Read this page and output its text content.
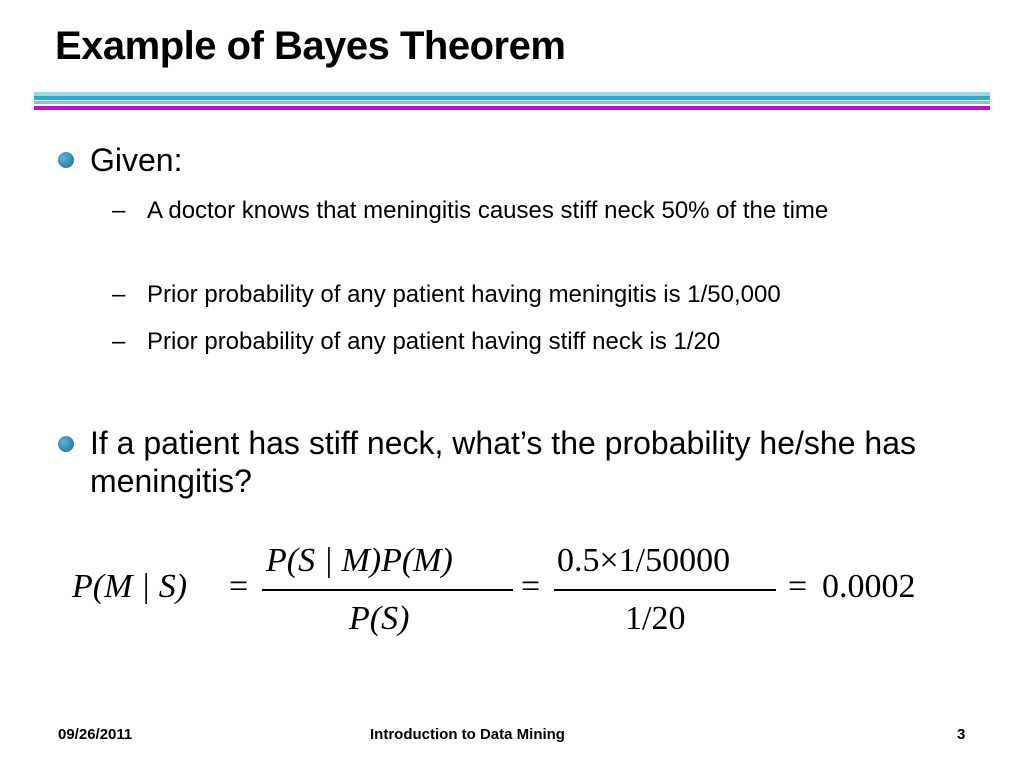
Example of Bayes Theorem
Given:
– A doctor knows that meningitis causes stiff neck 50% of the time
– Prior probability of any patient having meningitis is 1/50,000
– Prior probability of any patient having stiff neck is 1/20
If a patient has stiff neck, what’s the probability he/she has meningitis?
P(M | S) =
P(S | M)P(M)
P(S)
=
0.5×1/50000
1/20
= 0.0002
09/26/2011	Introduction to Data Mining	3
